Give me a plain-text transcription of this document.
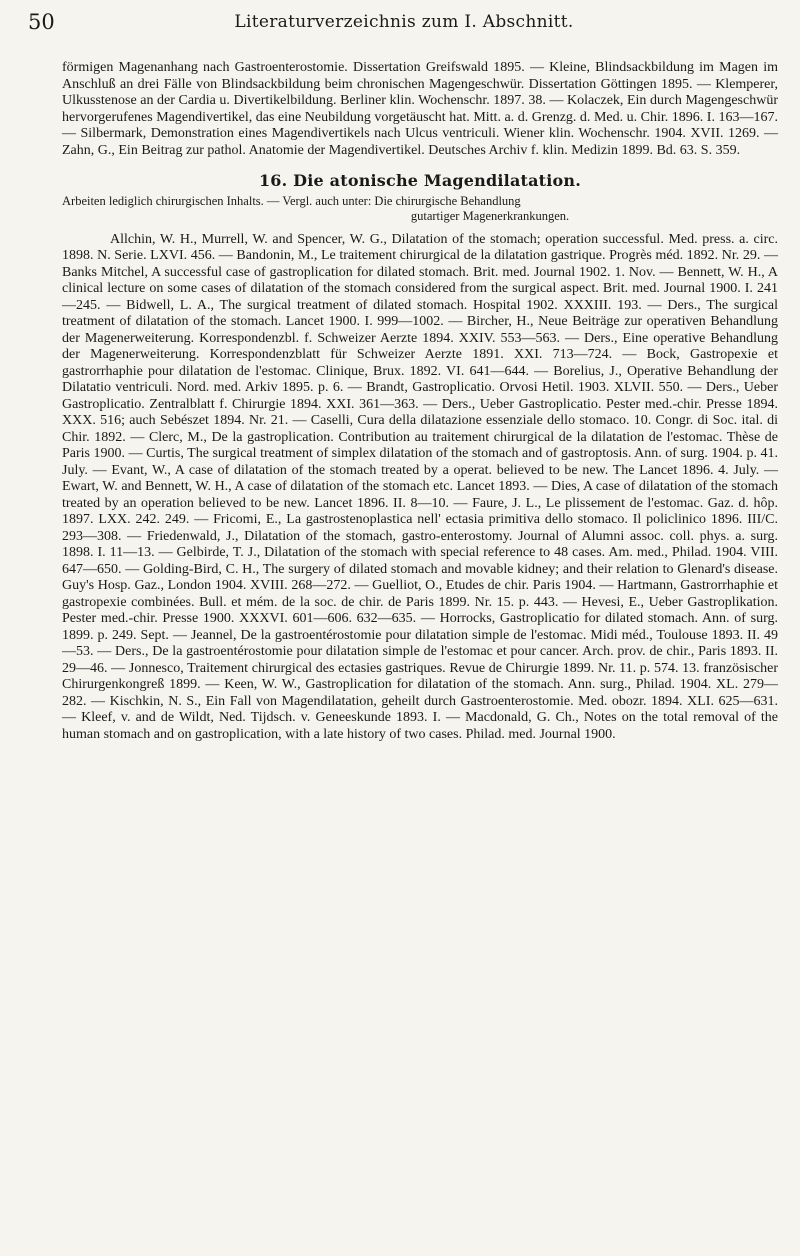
50	Literaturverzeichnis zum I. Abschnitt.

förmigen Magenanhang nach Gastroenterostomie. Dissertation Greifswald 1895. — Kleine, Blindsackbildung im Magen im Anschluß an drei Fälle von Blindsackbildung beim chronischen Magengeschwür. Dissertation Göttingen 1895. — Klemperer, Ulkusstenose an der Cardia u. Divertikelbildung. Berliner klin. Wochenschr. 1897. 38. — Kolaczek, Ein durch Magengeschwür hervorgerufenes Magendivertikel, das eine Neubildung vorgetäuscht hat. Mitt. a. d. Grenzg. d. Med. u. Chir. 1896. I. 163—167. — Silbermark, Demonstration eines Magendivertikels nach Ulcus ventriculi. Wiener klin. Wochenschr. 1904. XVII. 1269. — Zahn, G., Ein Beitrag zur pathol. Anatomie der Magendivertikel. Deutsches Archiv f. klin. Medizin 1899. Bd. 63. S. 359.

16. Die atonische Magendilatation.
Arbeiten lediglich chirurgischen Inhalts. — Vergl. auch unter: Die chirurgische Behandlung
gutartiger Magenerkrankungen.

Allchin, W. H., Murrell, W. and Spencer, W. G., Dilatation of the stomach; operation successful. Med. press. a. circ. 1898. N. Serie. LXVI. 456. — Bandonin, M., Le traitement chirurgical de la dilatation gastrique. Progrès méd. 1892. Nr. 29. — Banks Mitchel, A successful case of gastroplication for dilated stomach. Brit. med. Journal 1902. 1. Nov. — Bennett, W. H., A clinical lecture on some cases of dilatation of the stomach considered from the surgical aspect. Brit. med. Journal 1900. I. 241—245. — Bidwell, L. A., The surgical treatment of dilated stomach. Hospital 1902. XXXIII. 193. — Ders., The surgical treatment of dilatation of the stomach. Lancet 1900. I. 999—1002. — Bircher, H., Neue Beiträge zur operativen Behandlung der Magenerweiterung. Korrespondenzbl. f. Schweizer Aerzte 1894. XXIV. 553—563. — Ders., Eine operative Behandlung der Magenerweiterung. Korrespondenzblatt für Schweizer Aerzte 1891. XXI. 713—724. — Bock, Gastropexie et gastrorrhaphie pour dilatation de l'estomac. Clinique, Brux. 1892. VI. 641—644. — Borelius, J., Operative Behandlung der Dilatatio ventriculi. Nord. med. Arkiv 1895. p. 6. — Brandt, Gastroplicatio. Orvosi Hetil. 1903. XLVII. 550. — Ders., Ueber Gastroplicatio. Zentralblatt f. Chirurgie 1894. XXI. 361—363. — Ders., Ueber Gastroplicatio. Pester med.-chir. Presse 1894. XXX. 516; auch Sebészet 1894. Nr. 21. — Caselli, Cura della dilatazione essenziale dello stomaco. 10. Congr. di Soc. ital. di Chir. 1892. — Clerc, M., De la gastroplication. Contribution au traitement chirurgical de la dilatation de l'estomac. Thèse de Paris 1900. — Curtis, The surgical treatment of simplex dilatation of the stomach and of gastroptosis. Ann. of surg. 1904. p. 41. July. — Evant, W., A case of dilatation of the stomach treated by a operat. believed to be new. The Lancet 1896. 4. July. — Ewart, W. and Bennett, W. H., A case of dilatation of the stomach etc. Lancet 1893. — Dies, A case of dilatation of the stomach treated by an operation believed to be new. Lancet 1896. II. 8—10. — Faure, J. L., Le plissement de l'estomac. Gaz. d. hôp. 1897. LXX. 242. 249. — Fricomi, E., La gastrostenoplastica nell' ectasia primitiva dello stomaco. Il policlinico 1896. III/C. 293—308. — Friedenwald, J., Dilatation of the stomach, gastro-enterostomy. Journal of Alumni assoc. coll. phys. a. surg. 1898. I. 11—13. — Gelbirde, T. J., Dilatation of the stomach with special reference to 48 cases. Am. med., Philad. 1904. VIII. 647—650. — Golding-Bird, C. H., The surgery of dilated stomach and movable kidney; and their relation to Glenard's disease. Guy's Hosp. Gaz., London 1904. XVIII. 268—272. — Guelliot, O., Etudes de chir. Paris 1904. — Hartmann, Gastrorrhaphie et gastropexie combinées. Bull. et mém. de la soc. de chir. de Paris 1899. Nr. 15. p. 443. — Hevesi, E., Ueber Gastroplikation. Pester med.-chir. Presse 1900. XXXVI. 601—606. 632—635. — Horrocks, Gastroplicatio for dilated stomach. Ann. of surg. 1899. p. 249. Sept. — Jeannel, De la gastroentérostomie pour dilatation simple de l'estomac. Midi méd., Toulouse 1893. II. 49—53. — Ders., De la gastroentérostomie pour dilatation simple de l'estomac et pour cancer. Arch. prov. de chir., Paris 1893. II. 29—46. — Jonnesco, Traitement chirurgical des ectasies gastriques. Revue de Chirurgie 1899. Nr. 11. p. 574. 13. französischer Chirurgenkongreß 1899. — Keen, W. W., Gastroplication for dilatation of the stomach. Ann. surg., Philad. 1904. XL. 279—282. — Kischkin, N. S., Ein Fall von Magendilatation, geheilt durch Gastroenterostomie. Med. obozr. 1894. XLI. 625—631. — Kleef, v. and de Wildt, Ned. Tijdsch. v. Geneeskunde 1893. I. — Macdonald, G. Ch., Notes on the total removal of the human stomach and on gastroplication, with a late history of two cases. Philad. med. Journal 1900.
